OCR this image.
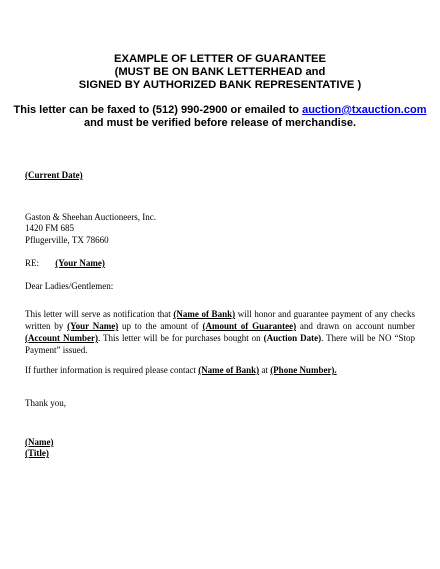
EXAMPLE OF LETTER OF GUARANTEE
(MUST BE ON BANK LETTERHEAD and
SIGNED BY AUTHORIZED BANK REPRESENTATIVE )
This letter can be faxed to (512) 990-2900 or emailed to auction@txauction.com
and must be verified before release of merchandise.
(Current Date)
Gaston & Sheehan Auctioneers, Inc.
1420 FM 685
Pflugerville, TX 78660
RE: (Your Name)
Dear Ladies/Gentlemen:
This letter will serve as notification that (Name of Bank) will honor and guarantee payment of any checks written by (Your Name) up to the amount of (Amount of Guarantee) and drawn on account number (Account Number). This letter will be for purchases bought on (Auction Date). There will be NO “Stop Payment” issued.
If further information is required please contact (Name of Bank) at (Phone Number).
Thank you,
(Name)
(Title)
